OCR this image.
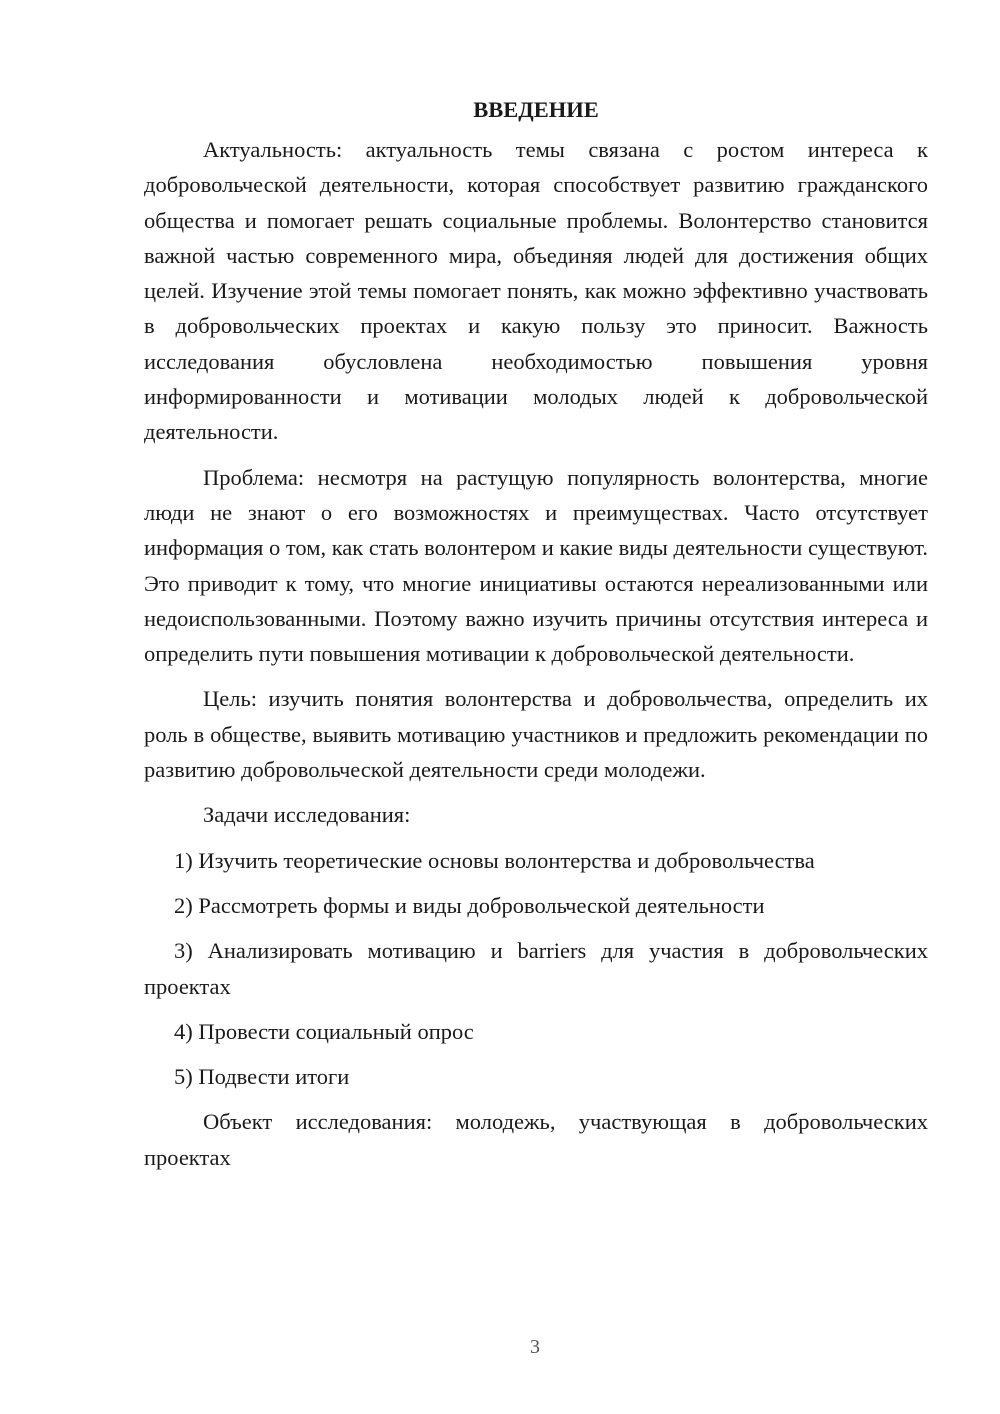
ВВЕДЕНИЕ

Актуальность: актуальность темы связана с ростом интереса к добровольческой деятельности, которая способствует развитию гражданского общества и помогает решать социальные проблемы. Волонтерство становится важной частью современного мира, объединяя людей для достижения общих целей. Изучение этой темы помогает понять, как можно эффективно участвовать в добровольческих проектах и какую пользу это приносит. Важность исследования обусловлена необходимостью повышения уровня информированности и мотивации молодых людей к добровольческой деятельности.

Проблема: несмотря на растущую популярность волонтерства, многие люди не знают о его возможностях и преимуществах. Часто отсутствует информация о том, как стать волонтером и какие виды деятельности существуют. Это приводит к тому, что многие инициативы остаются нереализованными или недоиспользованными. Поэтому важно изучить причины отсутствия интереса и определить пути повышения мотивации к добровольческой деятельности.

Цель: изучить понятия волонтерства и добровольчества, определить их роль в обществе, выявить мотивацию участников и предложить рекомендации по развитию добровольческой деятельности среди молодежи.

Задачи исследования:

1) Изучить теоретические основы волонтерства и добровольчества

2) Рассмотреть формы и виды добровольческой деятельности

3) Анализировать мотивацию и barriers для участия в добровольческих проектах

4) Провести социальный опрос

5) Подвести итоги

Объект исследования: молодежь, участвующая в добровольческих проектах

3
